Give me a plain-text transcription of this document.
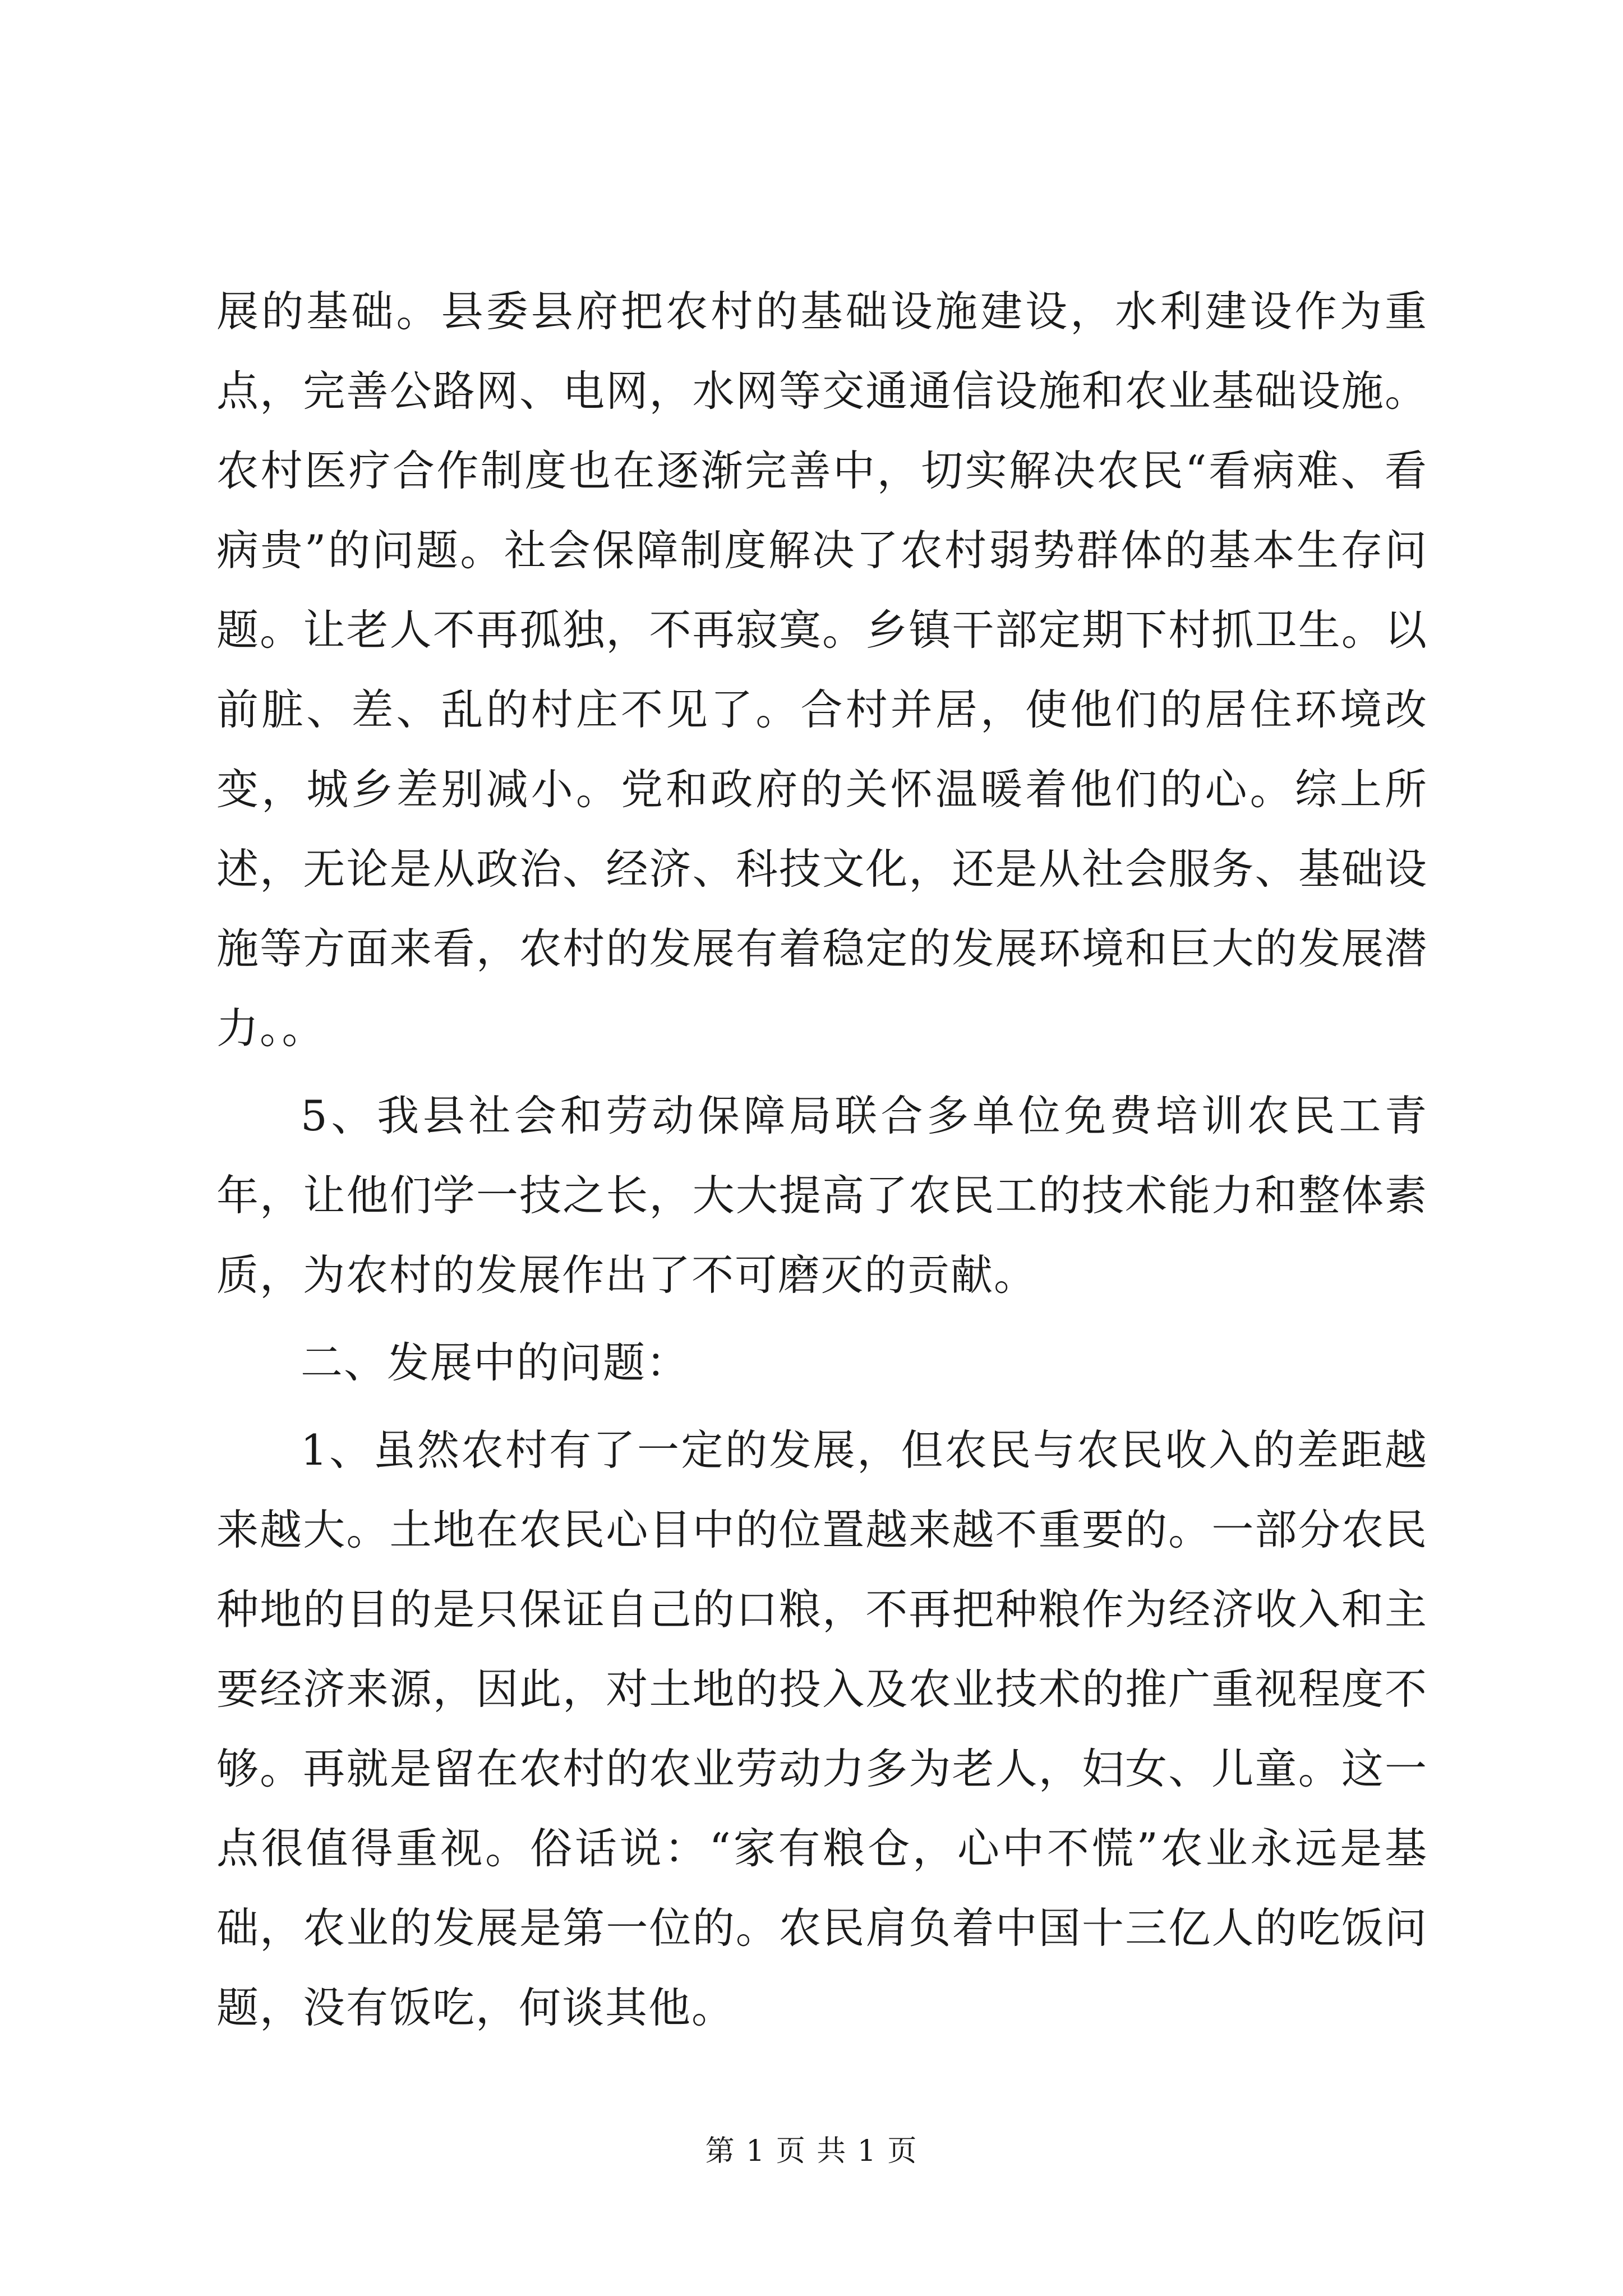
展的基础。县委县府把农村的基础设施建设，水利建设作为重点，完善公路网、电网，水网等交通通信设施和农业基础设施。农村医疗合作制度也在逐渐完善中，切实解决农民“看病难、看病贵”的问题。社会保障制度解决了农村弱势群体的基本生存问题。让老人不再孤独，不再寂寞。乡镇干部定期下村抓卫生。以前脏、差、乱的村庄不见了。合村并居，使他们的居住环境改变，城乡差别减小。党和政府的关怀温暖着他们的心。综上所述，无论是从政治、经济、科技文化，还是从社会服务、基础设施等方面来看，农村的发展有着稳定的发展环境和巨大的发展潜力。。

5、我县社会和劳动保障局联合多单位免费培训农民工青年，让他们学一技之长，大大提高了农民工的技术能力和整体素质，为农村的发展作出了不可磨灭的贡献。

二、发展中的问题：

1、虽然农村有了一定的发展，但农民与农民收入的差距越来越大。土地在农民心目中的位置越来越不重要的。一部分农民种地的目的是只保证自己的口粮，不再把种粮作为经济收入和主要经济来源，因此，对土地的投入及农业技术的推广重视程度不够。再就是留在农村的农业劳动力多为老人，妇女、儿童。这一点很值得重视。俗话说：“家有粮仓，心中不慌”农业永远是基础，农业的发展是第一位的。农民肩负着中国十三亿人的吃饭问题，没有饭吃，何谈其他。

第 1 页 共 1 页
